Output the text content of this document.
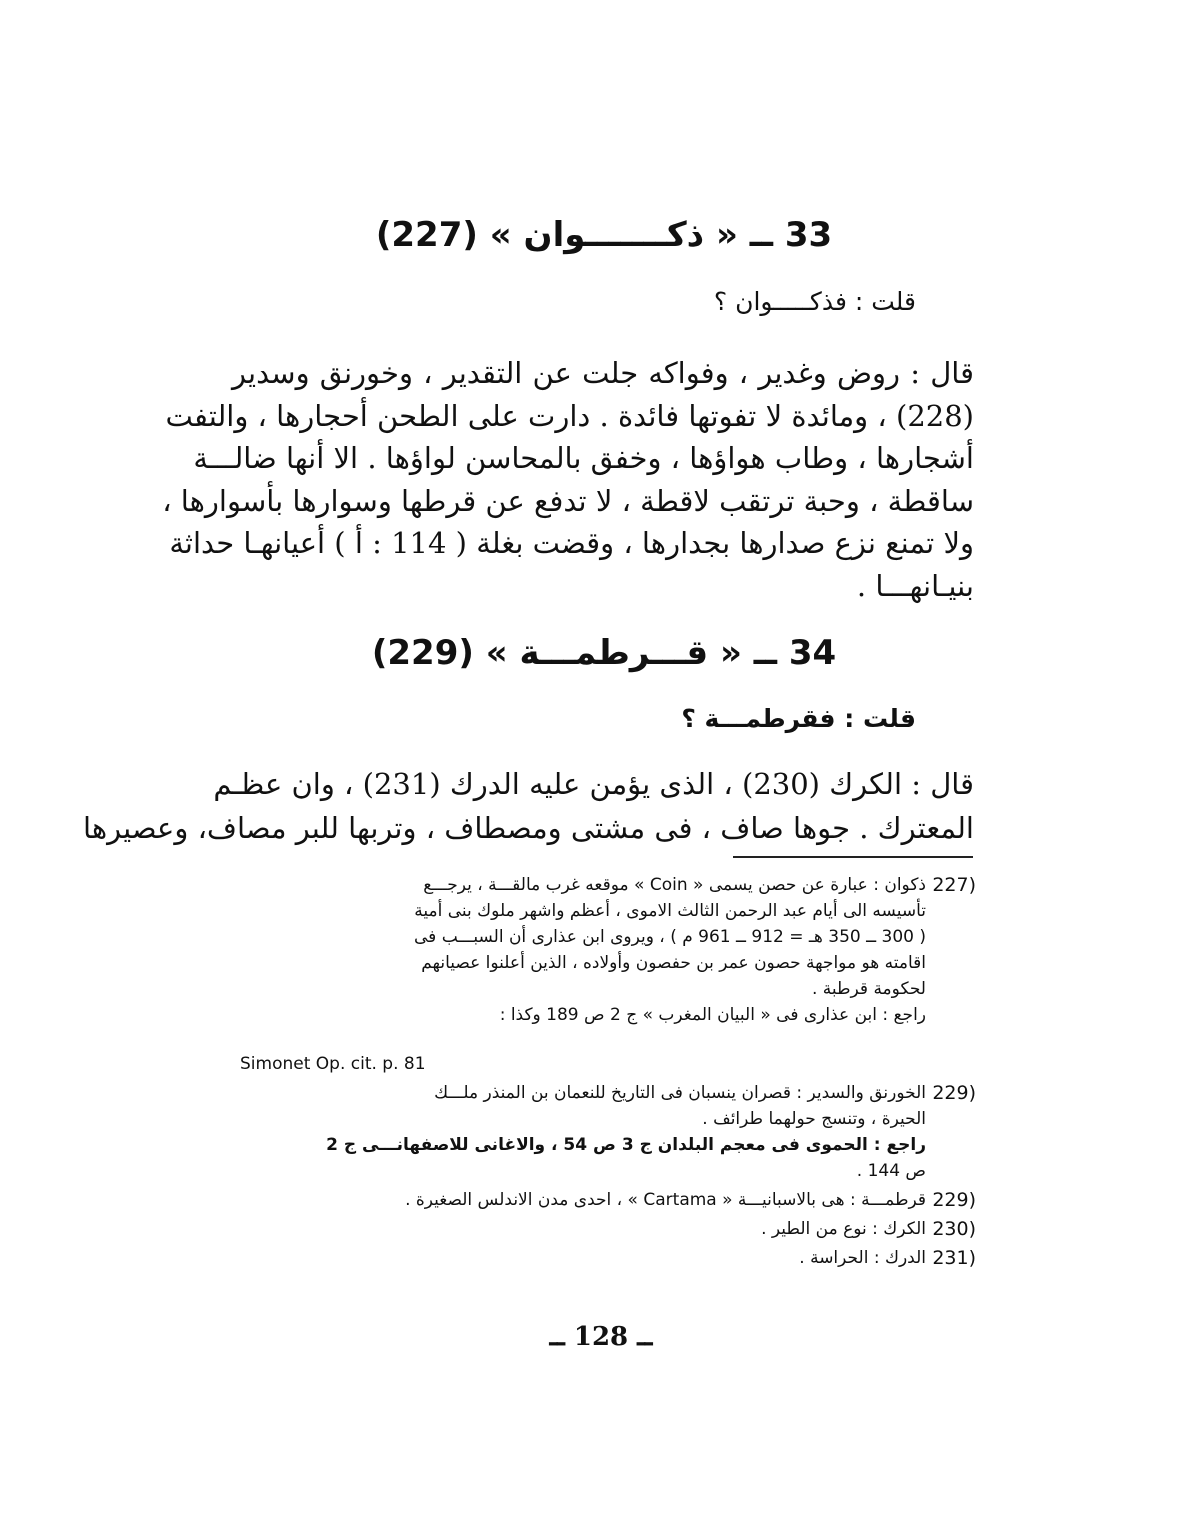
33 ــ « ذكـــــــوان » (227)
قلت : فذكـــــوان ؟
قال : روض وغدير ، وفواكه جلت عن التقدير ، وخورنق وسدير
(228) ، ومائدة لا تفوتها فائدة . دارت على الطحن أحجارها ، والتفت
أشجارها ، وطاب هواؤها ، وخفق بالمحاسن لواؤها . الا أنها ضالـــة
ساقطة ، وحبة ترتقب لاقطة ، لا تدفع عن قرطها وسوارها بأسوارها ،
ولا تمنع نزع صدارها بجدارها ، وقضت بغلة ( 114 : أ ) أعيانهـا حداثة
بنيـانهـــا .
34 ــ « قـــرطمـــة » (229)
قلت : فقرطمـــة ؟
قال : الكرك (230) ، الذى يؤمن عليه الدرك (231) ، وان عظـم
المعترك . جوها صاف ، فى مشتى ومصطاف ، وتربها للبر مصاف، وعصيرها
227)
ذكوان : عبارة عن حصن يسمى « Coin » موقعه غرب مالقـــة ، يرجـــع
تأسيسه الى أيام عبد الرحمن الثالث الاموى ، أعظم واشهر ملوك بنى أمية
( 300 ــ 350 هـ = 912 ــ 961 م ) ، ويروى ابن عذارى أن السبـــب فى
اقامته هو مواجهة حصون عمر بن حفصون وأولاده ، الذين أعلنوا عصيانهم
لحكومة قرطبة .
راجع : ابن عذارى فى « البيان المغرب » ج 2 ص 189 وكذا :
Simonet Op. cit. p. 81
229)
الخورنق والسدير : قصران ينسبان فى التاريخ للنعمان بن المنذر ملـــك
الحيرة ، وتنسج حولهما طرائف .
راجع : الحموى فى معجم البلدان ج 3 ص 54 ، والاغانى للاصفهانـــى ج 2
ص 144 .
229)
قرطمـــة : هى بالاسبانيـــة « Cartama » ، احدى مدن الاندلس الصغيرة .
230)
الكرك : نوع من الطير .
231)
الدرك : الحراسة .
ــ 128 ــ
